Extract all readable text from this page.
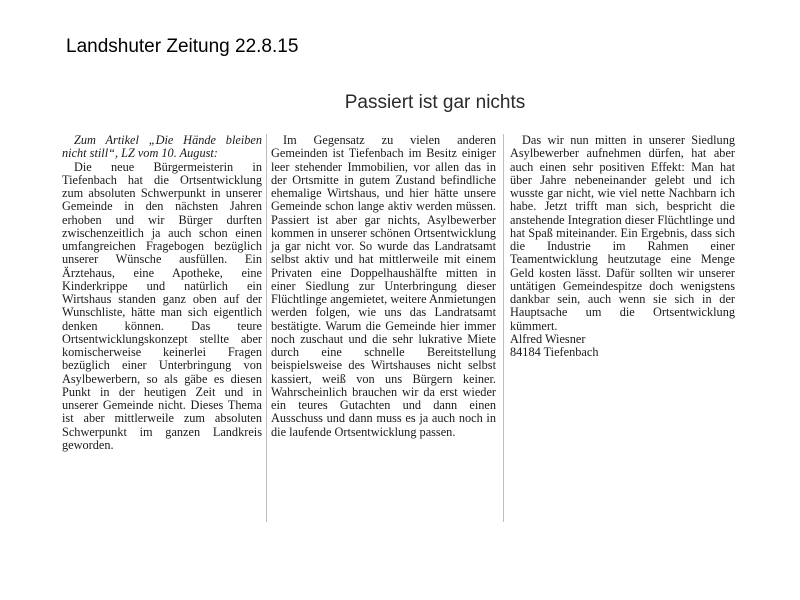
Landshuter Zeitung 22.8.15
Passiert ist gar nichts

Zum Artikel „Die Hände bleiben nicht still“, LZ vom 10. August:

Die neue Bürgermeisterin in Tiefenbach hat die Ortsentwicklung zum absoluten Schwerpunkt in unserer Gemeinde in den nächsten Jahren erhoben und wir Bürger durften zwischenzeitlich ja auch schon einen umfangreichen Fragebogen bezüglich unserer Wünsche ausfüllen. Ein Ärztehaus, eine Apotheke, eine Kinderkrippe und natürlich ein Wirtshaus standen ganz oben auf der Wunschliste, hätte man sich eigentlich denken können. Das teure Ortsentwicklungskonzept stellte aber komischerweise keinerlei Fragen bezüglich einer Unterbringung von Asylbewerbern, so als gäbe es diesen Punkt in der heutigen Zeit und in unserer Gemeinde nicht. Dieses Thema ist aber mittlerweile zum absoluten Schwerpunkt im ganzen Landkreis geworden.

Im Gegensatz zu vielen anderen Gemeinden ist Tiefenbach im Besitz einiger leer stehender Immobilien, vor allen das in der Ortsmitte in gutem Zustand befindliche ehemalige Wirtshaus, und hier hätte unsere Gemeinde schon lange aktiv werden müssen. Passiert ist aber gar nichts, Asylbewerber kommen in unserer schönen Ortsentwicklung ja gar nicht vor. So wurde das Landratsamt selbst aktiv und hat mittlerweile mit einem Privaten eine Doppelhaushälfte mitten in einer Siedlung zur Unterbringung dieser Flüchtlinge angemietet, weitere Anmietungen werden folgen, wie uns das Landratsamt bestätigte. Warum die Gemeinde hier immer noch zuschaut und die sehr lukrative Miete durch eine schnelle Bereitstellung beispielsweise des Wirtshauses nicht selbst kassiert, weiß von uns Bürgern keiner. Wahrscheinlich brauchen wir da erst wieder ein teures Gutachten und dann einen Ausschuss und dann muss es ja auch noch in die laufende Ortsentwicklung passen.

Das wir nun mitten in unserer Siedlung Asylbewerber aufnehmen dürfen, hat aber auch einen sehr positiven Effekt: Man hat über Jahre nebeneinander gelebt und ich wusste gar nicht, wie viel nette Nachbarn ich habe. Jetzt trifft man sich, bespricht die anstehende Integration dieser Flüchtlinge und hat Spaß miteinander. Ein Ergebnis, dass sich die Industrie im Rahmen einer Teamentwicklung heutzutage eine Menge Geld kosten lässt. Dafür sollten wir unserer untätigen Gemeindespitze doch wenigstens dankbar sein, auch wenn sie sich in der Hauptsache um die Ortsentwicklung kümmert.

Alfred Wiesner
84184 Tiefenbach
